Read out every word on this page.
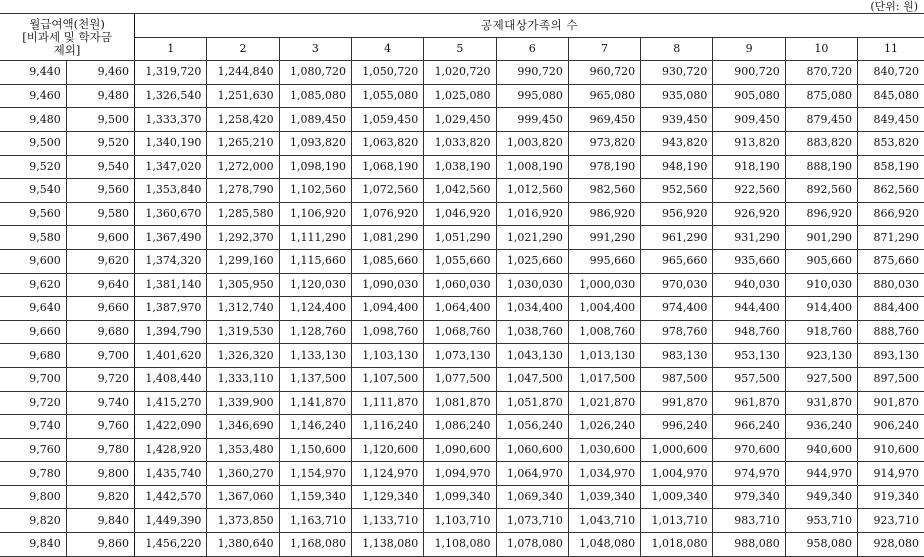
(단위: 원)
월급여액(천원)
[비과세 및 학자금
제외]		공제대상가족의 수										
		1	2	3	4	5	6	7	8	9	10	11
9,440	9,460	1,319,720	1,244,840	1,080,720	1,050,720	1,020,720	990,720	960,720	930,720	900,720	870,720	840,720
9,460	9,480	1,326,540	1,251,630	1,085,080	1,055,080	1,025,080	995,080	965,080	935,080	905,080	875,080	845,080
9,480	9,500	1,333,370	1,258,420	1,089,450	1,059,450	1,029,450	999,450	969,450	939,450	909,450	879,450	849,450
9,500	9,520	1,340,190	1,265,210	1,093,820	1,063,820	1,033,820	1,003,820	973,820	943,820	913,820	883,820	853,820
9,520	9,540	1,347,020	1,272,000	1,098,190	1,068,190	1,038,190	1,008,190	978,190	948,190	918,190	888,190	858,190
9,540	9,560	1,353,840	1,278,790	1,102,560	1,072,560	1,042,560	1,012,560	982,560	952,560	922,560	892,560	862,560
9,560	9,580	1,360,670	1,285,580	1,106,920	1,076,920	1,046,920	1,016,920	986,920	956,920	926,920	896,920	866,920
9,580	9,600	1,367,490	1,292,370	1,111,290	1,081,290	1,051,290	1,021,290	991,290	961,290	931,290	901,290	871,290
9,600	9,620	1,374,320	1,299,160	1,115,660	1,085,660	1,055,660	1,025,660	995,660	965,660	935,660	905,660	875,660
9,620	9,640	1,381,140	1,305,950	1,120,030	1,090,030	1,060,030	1,030,030	1,000,030	970,030	940,030	910,030	880,030
9,640	9,660	1,387,970	1,312,740	1,124,400	1,094,400	1,064,400	1,034,400	1,004,400	974,400	944,400	914,400	884,400
9,660	9,680	1,394,790	1,319,530	1,128,760	1,098,760	1,068,760	1,038,760	1,008,760	978,760	948,760	918,760	888,760
9,680	9,700	1,401,620	1,326,320	1,133,130	1,103,130	1,073,130	1,043,130	1,013,130	983,130	953,130	923,130	893,130
9,700	9,720	1,408,440	1,333,110	1,137,500	1,107,500	1,077,500	1,047,500	1,017,500	987,500	957,500	927,500	897,500
9,720	9,740	1,415,270	1,339,900	1,141,870	1,111,870	1,081,870	1,051,870	1,021,870	991,870	961,870	931,870	901,870
9,740	9,760	1,422,090	1,346,690	1,146,240	1,116,240	1,086,240	1,056,240	1,026,240	996,240	966,240	936,240	906,240
9,760	9,780	1,428,920	1,353,480	1,150,600	1,120,600	1,090,600	1,060,600	1,030,600	1,000,600	970,600	940,600	910,600
9,780	9,800	1,435,740	1,360,270	1,154,970	1,124,970	1,094,970	1,064,970	1,034,970	1,004,970	974,970	944,970	914,970
9,800	9,820	1,442,570	1,367,060	1,159,340	1,129,340	1,099,340	1,069,340	1,039,340	1,009,340	979,340	949,340	919,340
9,820	9,840	1,449,390	1,373,850	1,163,710	1,133,710	1,103,710	1,073,710	1,043,710	1,013,710	983,710	953,710	923,710
9,840	9,860	1,456,220	1,380,640	1,168,080	1,138,080	1,108,080	1,078,080	1,048,080	1,018,080	988,080	958,080	928,080
